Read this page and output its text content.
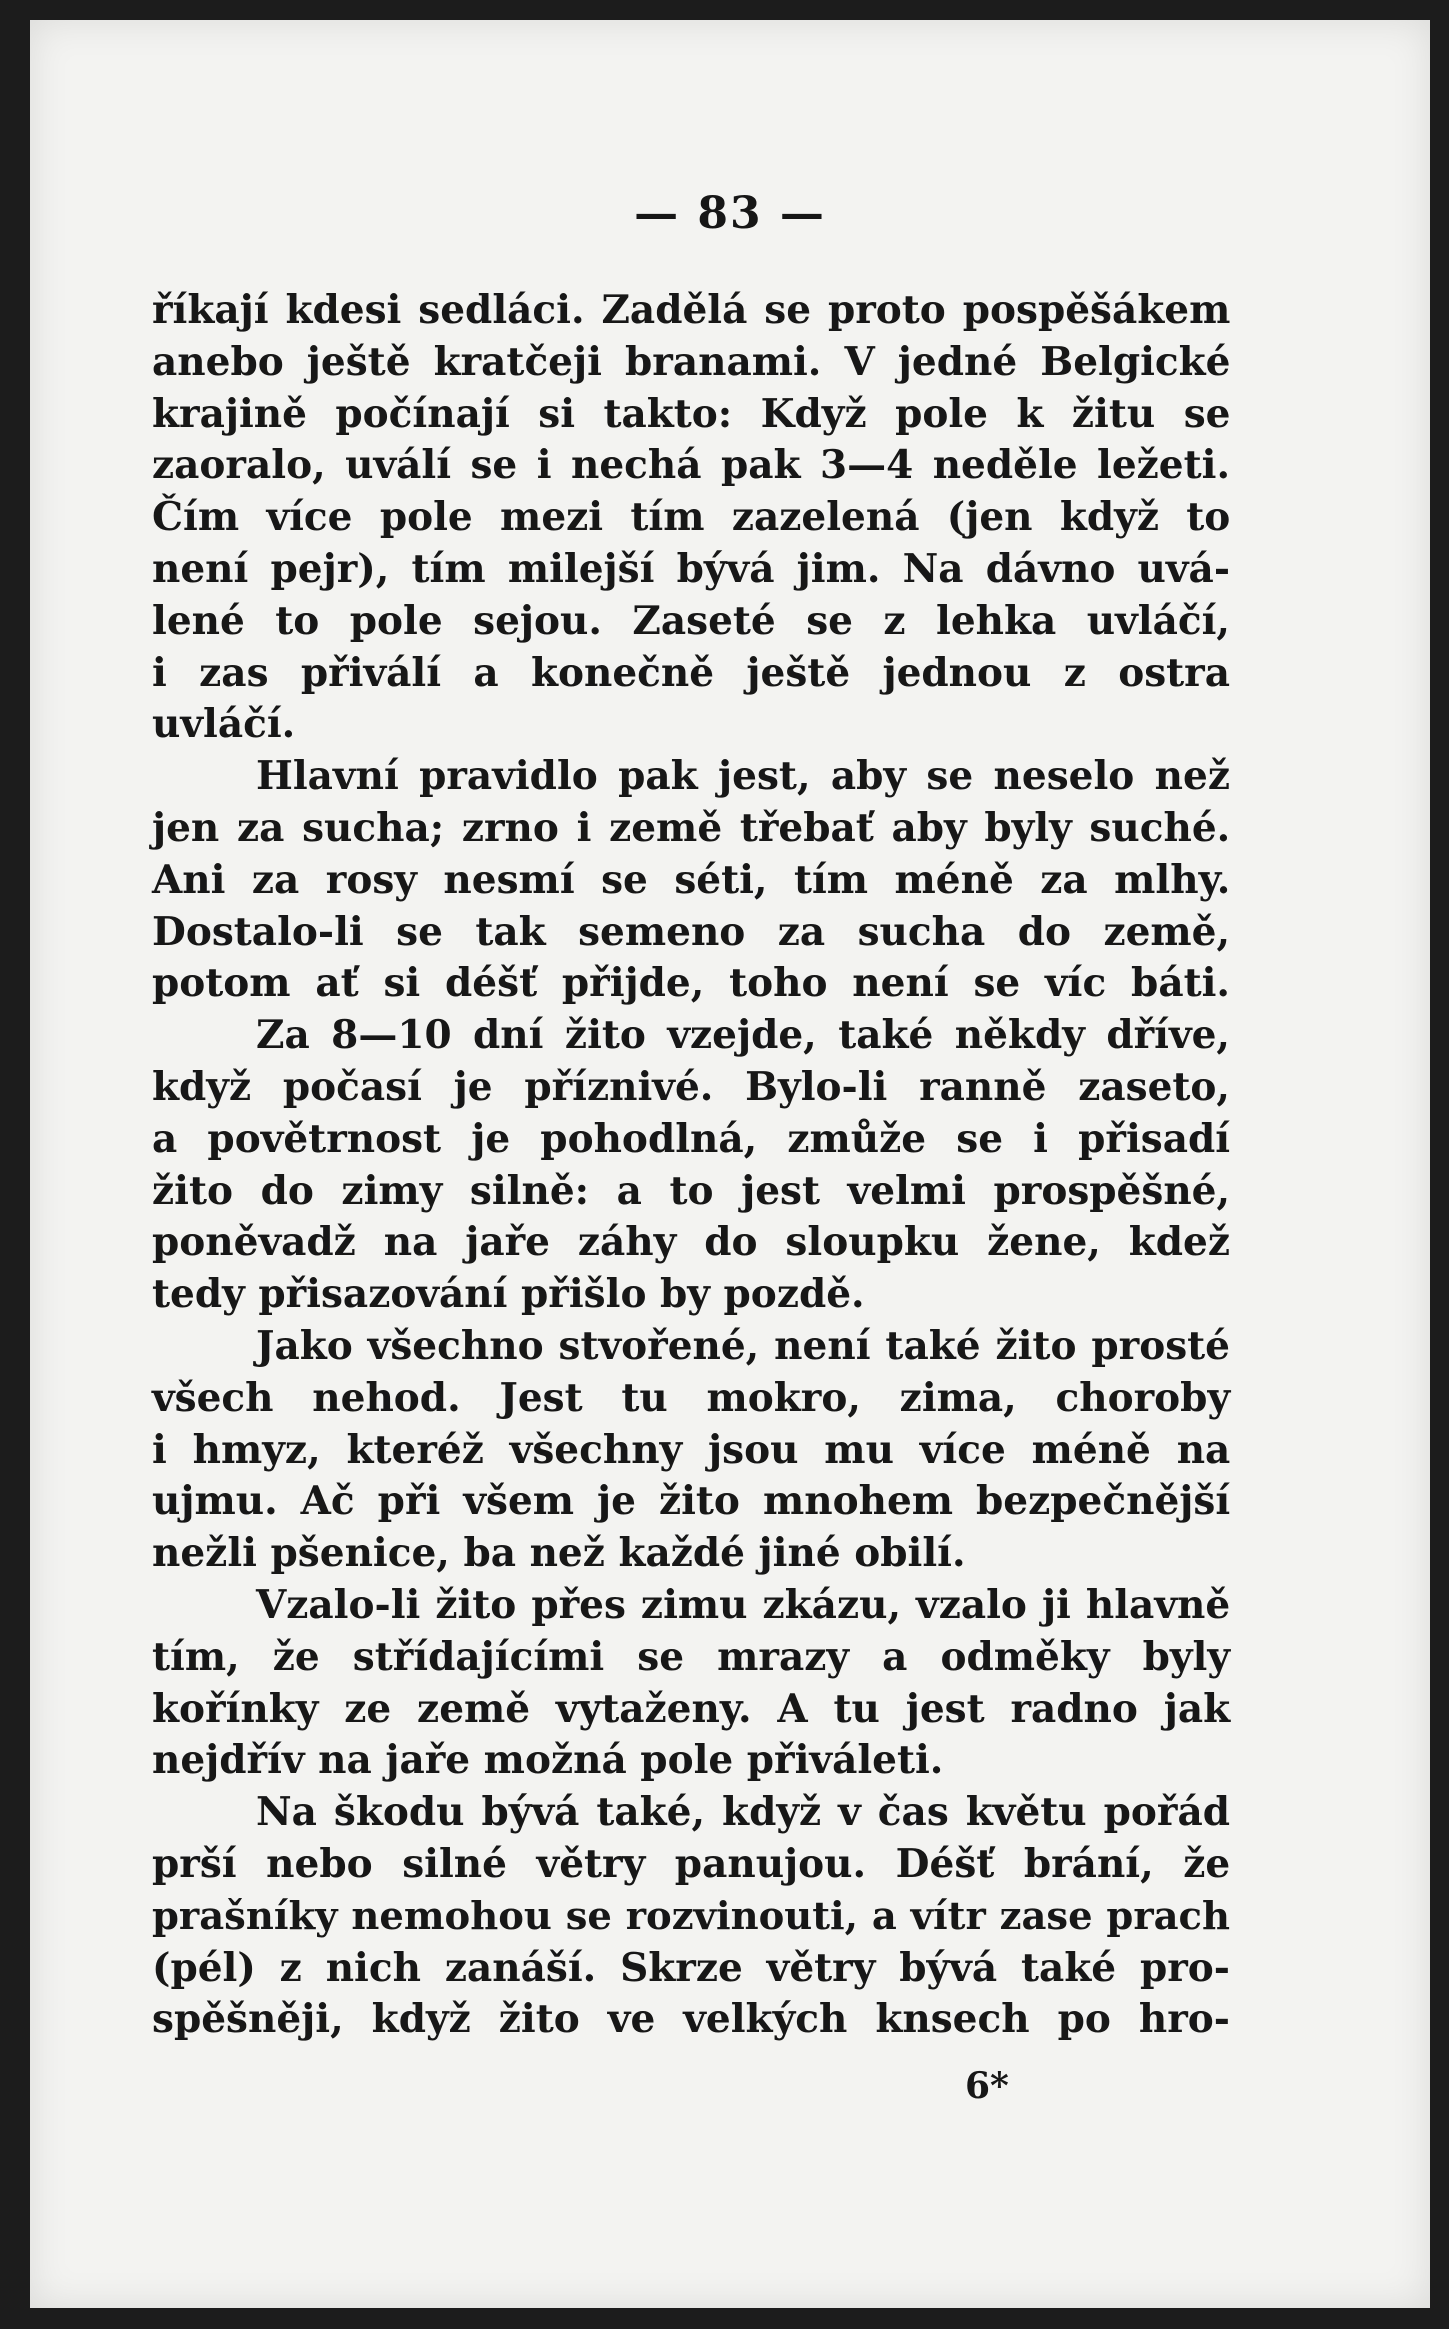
— 83 —
říkají kdesi sedláci. Zadělá se proto pospěšákem
anebo ještě kratčeji branami. V jedné Belgické
krajině počínají si takto: Když pole k žitu se
zaoralo, uválí se i nechá pak 3—4 neděle ležeti.
Čím více pole mezi tím zazelená (jen když to
není pejr), tím milejší bývá jim. Na dávno uvá-
lené to pole sejou. Zaseté se z lehka uvláčí,
i zas přiválí a konečně ještě jednou z ostra
uvláčí.
Hlavní pravidlo pak jest, aby se neselo než
jen za sucha; zrno i země třebať aby byly suché.
Ani za rosy nesmí se séti, tím méně za mlhy.
Dostalo-li se tak semeno za sucha do země,
potom ať si déšť přijde, toho není se víc báti.
Za 8—10 dní žito vzejde, také někdy dříve,
když počasí je příznivé. Bylo-li ranně zaseto,
a povětrnost je pohodlná, zmůže se i přisadí
žito do zimy silně: a to jest velmi prospěšné,
poněvadž na jaře záhy do sloupku žene, kdež
tedy přisazování přišlo by pozdě.
Jako všechno stvořené, není také žito prosté
všech nehod. Jest tu mokro, zima, choroby
i hmyz, kteréž všechny jsou mu více méně na
ujmu. Ač při všem je žito mnohem bezpečnější
nežli pšenice, ba než každé jiné obilí.
Vzalo-li žito přes zimu zkázu, vzalo ji hlavně
tím, že střídajícími se mrazy a odměky byly
kořínky ze země vytaženy. A tu jest radno jak
nejdřív na jaře možná pole přiváleti.
Na škodu bývá také, když v čas květu pořád
prší nebo silné větry panujou. Déšť brání, že
prašníky nemohou se rozvinouti, a vítr zase prach
(pél) z nich zanáší. Skrze větry bývá také pro-
spěšněji, když žito ve velkých knsech po hro-
6*
